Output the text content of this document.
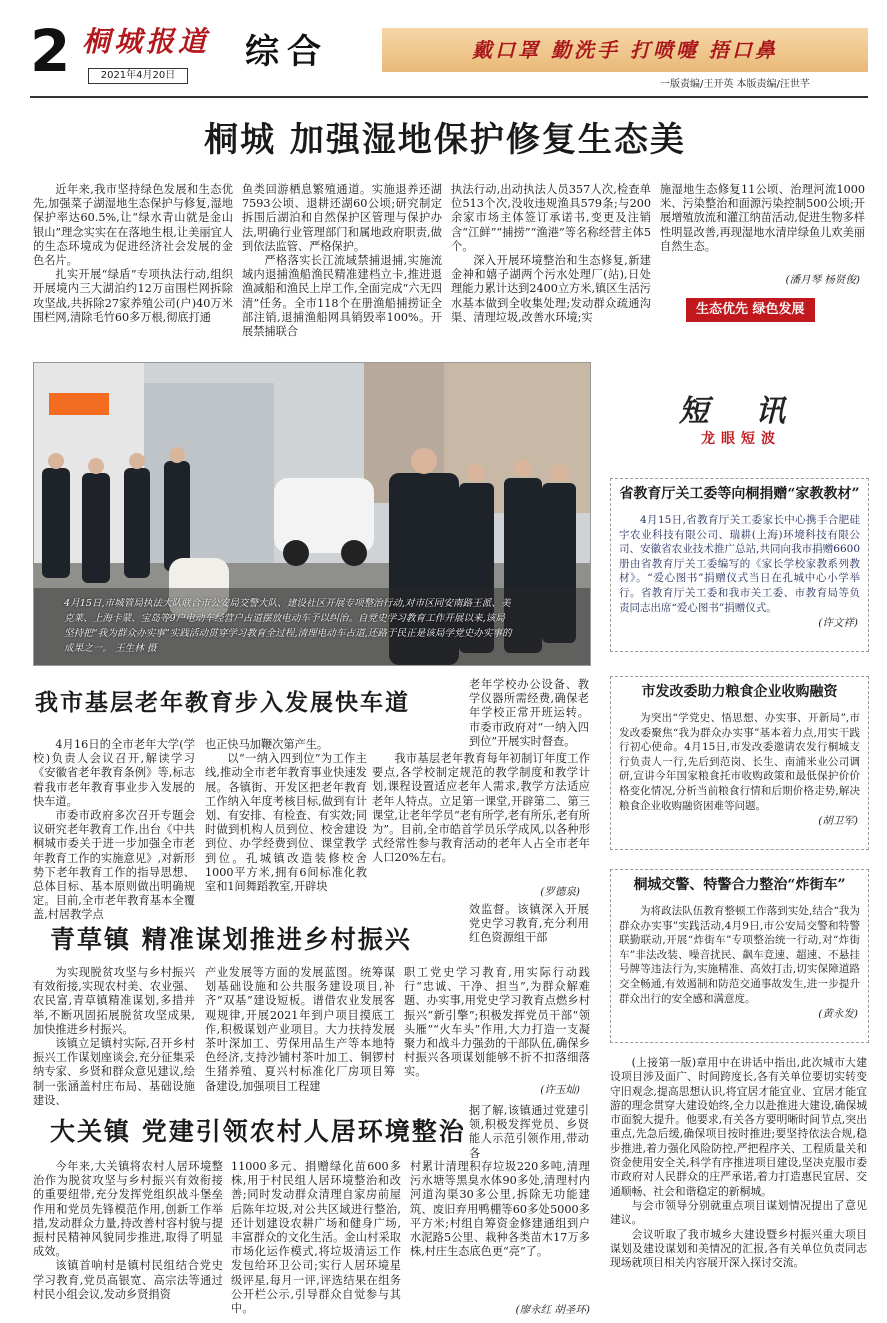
2 桐城报道
2021年4月20日
综合	戴口罩 勤洗手 打喷嚏 捂口鼻
一版责编/王开英 本版责编/汪世芊
桐城 加强湿地保护修复生态美

近年来,我市坚持绿色发展和生态优先,加强菜子湖湿地生态保护与修复,湿地保护率达60.5%,让“绿水青山就是金山银山”理念实实在在落地生根,让美丽宜人的生态环境成为促进经济社会发展的金色名片。

扎实开展“绿盾”专项执法行动,组织开展境内三大湖泊约12万亩围栏网拆除攻坚战,共拆除27家养殖公司(户)40万米围栏网,清除毛竹60多万根,彻底打通

鱼类回游栖息繁殖通道。实施退养还湖7593公顷、退耕还湖60公顷;研究制定拆围后湖泊和自然保护区管理与保护办法,明确行业管理部门和属地政府职责,做到依法监管、严格保护。

严格落实长江流域禁捕退捕,实施流域内退捕渔船渔民精准建档立卡,推进退渔减船和渔民上岸工作,全面完成“六无四清”任务。全市118个在册渔船捕捞证全部注销,退捕渔船网具销毁率100%。开展禁捕联合

执法行动,出动执法人员357人次,检查单位513个次,没收违规渔具579条;与200余家市场主体签订承诺书,变更及注销含“江鲜”“捕捞”“渔港”等名称经营主体5个。

深入开展环境整治和生态修复,新建金神和嬉子湖两个污水处理厂(站),日处理能力累计达到2400立方米,镇区生活污水基本做到全收集处理;发动群众疏通沟渠、清理垃圾,改善水环境;实

施湿地生态修复11公顷、治理河流1000米、污染整治和面源污染控制500公顷;开展增殖放流和灌江纳苗活动,促进生物多样性明显改善,再现湿地水清岸绿鱼儿欢美丽自然生态。

(潘月琴 杨贤俊)
生态优先 绿色发展
4月15日,市城管局执法大队联合市公安局交警大队、建设社区开展专项整治行动,对市区同安南路王派、美克莱、上海卡蒙、宝岛等9户电动车经营户占道摆放电动车予以纠治。自党史学习教育工作开展以来,该局坚持把“我为群众办实事”实践活动贯穿学习教育全过程,清理电动车占道,还路于民正是该局学党史办实事的成果之一。 王生林 摄
我市基层老年教育步入发展快车道
老年学校办公设备、教学仪器所需经费,确保老年学校正常开班运转。市委市政府对“一纳入四到位”开展实时督查。

4月16日的全市老年大学(学校)负责人会议召开,解读学习《安徽省老年教育条例》等,标志着我市老年教育事业步入发展的快车道。

市委市政府多次召开专题会议研究老年教育工作,出台《中共桐城市委关于进一步加强全市老年教育工作的实施意见》,对新形势下老年教育工作的指导思想、总体目标、基本原则做出明确规定。目前,全市老年教育基本全覆盖,村居教学点

也正快马加鞭次第产生。

以“一纳入四到位”为工作主线,推动全市老年教育事业快速发展。各镇街、开发区把老年教育工作纳入年度考核目标,做到有计划、有安排、有检查、有实效;同时做到机构人员到位、校舍建设到位、办学经费到位、课堂教学到位。孔城镇改造装修校舍1000平方米,拥有6间标准化教室和1间舞蹈教室,开辟块

我市基层老年教育每年初制订年度工作要点,各学校制定规范的教学制度和教学计划,课程设置适应老年人需求,教学方法适应老年人特点。立足第一课堂,开辟第二、第三课堂,让老年学员“老有所学,老有所乐,老有所为”。目前,全市皓首学员乐学成风,以各种形式经常性参与教育活动的老年人占全市老年人口20%左右。

(罗德泉)
青草镇 精准谋划推进乡村振兴
效监督。该镇深入开展党史学习教育,充分利用红色资源组干部

为实现脱贫攻坚与乡村振兴有效衔接,实现农村美、农业强、农民富,青草镇精准谋划,多措并举,不断巩固拓展脱贫攻坚成果,加快推进乡村振兴。

该镇立足镇村实际,召开乡村振兴工作谋划座谈会,充分征集采纳专家、乡贤和群众意见建议,绘制一张涵盖村庄布局、基础设施建设、

产业发展等方面的发展蓝图。统筹谋划基础设施和公共服务建设项目,补齐“双基”建设短板。谱借农业发展客观规律,开展2021年到户项目摸底工作,积极谋划产业项目。大力扶持发展茶叶深加工、劳保用品生产等本地特色经济,支持沙铺村茶叶加工、铜锣村生猪养殖、夏兴村标准化厂房项目筹备建设,加强项目工程建

职工党史学习教育,用实际行动践行“忠诚、干净、担当”,为群众解难题、办实事,用党史学习教育点燃乡村振兴“新引擎”;积极发挥党员干部“领头雁”“火车头”作用,大力打造一支凝聚力和战斗力强劲的干部队伍,确保乡村振兴各项谋划能够不折不扣落细落实。

(许玉灿)
大关镇 党建引领农村人居环境整治
据了解,该镇通过党建引领,积极发挥党员、乡贤能人示范引领作用,带动各

今年来,大关镇将农村人居环境整治作为脱贫攻坚与乡村振兴有效衔接的重要纽带,充分发挥党组织战斗堡垒作用和党员先锋模范作用,创新工作举措,发动群众力量,持改善村容村貌与提振村民精神风貌同步推进,取得了明显成效。

该镇首响村是镇村民组结合党史学习教育,党员高银宽、高宗法等通过村民小组会议,发动乡贤捐资

11000多元、捐赠绿化苗600多株,用于村民组人居环境整治和改善;同时发动群众清理自家房前屋后陈年垃圾,对公共区域进行整治,还计划建设农耕广场和健身广场,丰富群众的文化生活。金山村采取市场化运作模式,将垃圾清运工作发包给环卫公司;实行人居环境星级评星,每月一评,评选结果在组务公开栏公示,引导群众自觉参与其中。

村累计清理积存垃圾220多吨,清理污水塘等黑臭水体90多处,清理村内河道沟渠30多公里,拆除无功能建筑、废旧弃用鸭棚等60多处5000多平方米;村组自筹资金修建通组到户水泥路5公里、栽种各类苗木17万多株,村庄生态底色更“亮”了。

(廖永红 胡圣环)
短 讯
龙眼短波
省教育厅关工委等向桐捐赠“家教教材”

4月15日,省教育厅关工委家长中心携手合肥硅宇农业科技有限公司、瑞耕(上海)环境科技有限公司、安徽省农业技术推广总站,共同向我市捐赠6600册由省教育厅关工委编写的《家长学校家教系列教材》。“爱心图书”捐赠仪式当日在孔城中心小学举行。省教育厅关工委和我市关工委、市教育局等负责同志出席“爱心图书”捐赠仪式。

(许文祥)
市发改委助力粮食企业收购融资

为突出“学党史、悟思想、办实事、开新局”,市发改委聚焦“我为群众办实事”基本着力点,用实干践行初心使命。4月15日,市发改委邀请农发行桐城支行负责人一行,先后到范岗、长生、南浦米业公司调研,宣讲今年国家粮食托市收购政策和最低保护价价格变化情况,分析当前粮食行情和后期价格走势,解决粮食企业收购融资困难等问题。

(胡卫军)
桐城交警、特警合力整治“炸街车”

为将政法队伍教育整顿工作落到实处,结合“我为群众办实事”实践活动,4月9日,市公安局交警和特警联勤联动,开展“炸街车”专项整治统一行动,对“炸街车”非法改装、噪音扰民、飙车竞速、超速、不悬挂号牌等违法行为,实施精准、高效打击,切实保障道路交全畅通,有效遏制和防范交通事故发生,进一步提升群众出行的安全感和满意度。

(黄永发)

(上接第一版)章用中在讲话中指出,此次城市大建设项目涉及面广、时间跨度长,各有关单位要切实转变守旧观念,提高思想认识,将宜居才能宜业、宜居才能宜游的理念贯穿大建设始终,全力以赴推进大建设,确保城市面貌大提升。他要求,有关各方要明晰时间节点,突出重点,先急后缓,确保项目按时推进;要坚持依法合规,稳步推进,着力强化风险防控,严把程序关、工程质量关和资金使用安全关,科学有序推进项目建设,坚决克服市委市政府对人民群众的庄严承诺,着力打造惠民宜居、交通顺畅、社会和谐稳定的新桐城。

与会市领导分别就重点项目谋划情况提出了意见建议。

会议听取了我市城乡大建设暨乡村振兴重大项目谋划及建设谋划和美情况的汇报,各有关单位负责同志现场就项目相关内容展开深入探讨交流。
